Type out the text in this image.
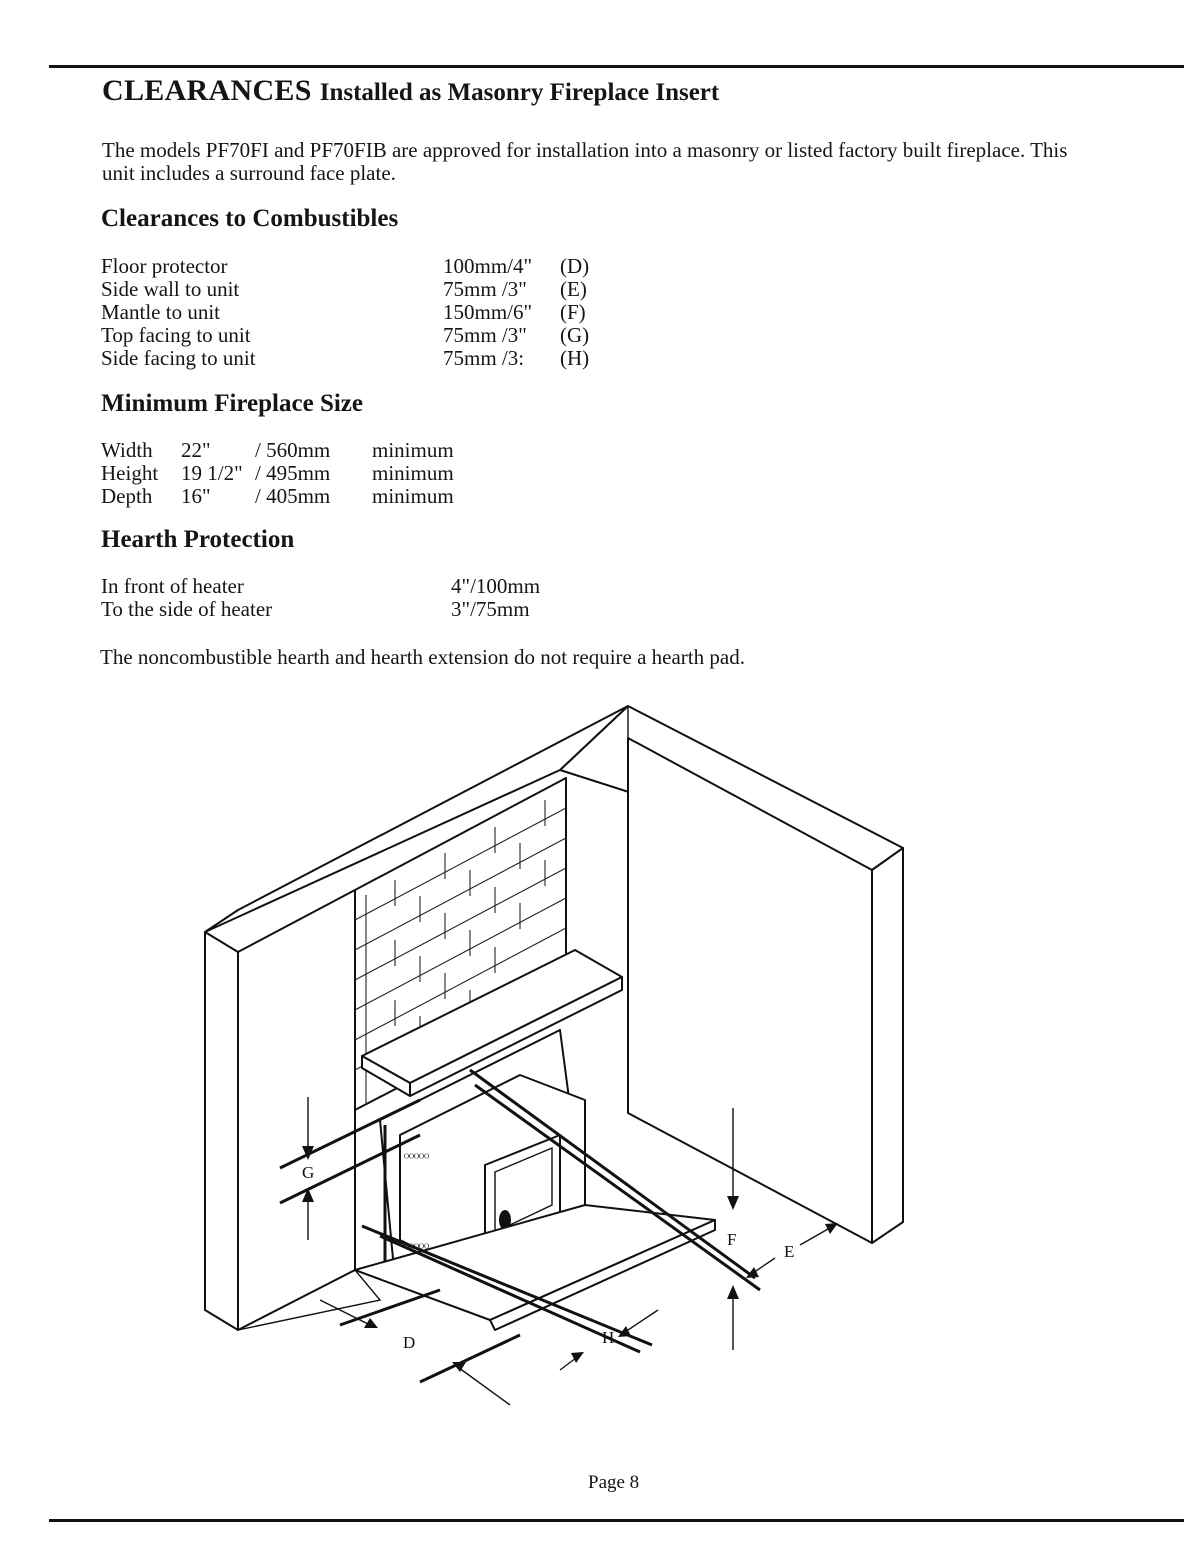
CLEARANCES Installed as Masonry Fireplace Insert
The models PF70FI and PF70FIB are approved for installation into a masonry or listed factory built fireplace. This unit includes a surround face plate.
Clearances to Combustibles
Floor protector	100mm/4" (D)
Side wall to unit	75mm /3" (E)
Mantle to unit	150mm/6" (F)
Top facing to unit	75mm /3" (G)
Side facing to unit	75mm /3: (H)
Minimum Fireplace Size
Width 22" / 560mm minimum
Height 19 1/2" / 495mm minimum
Depth 16" / 405mm minimum
Hearth Protection
In front of heater	4"/100mm
To the side of heater	3"/75mm
The noncombustible hearth and hearth extension do not require a hearth pad.
ᴼᴼᴼᴼᴼ
ᴼᴼᴼᴼᴼ
G
D	H
F
E
Page 8
